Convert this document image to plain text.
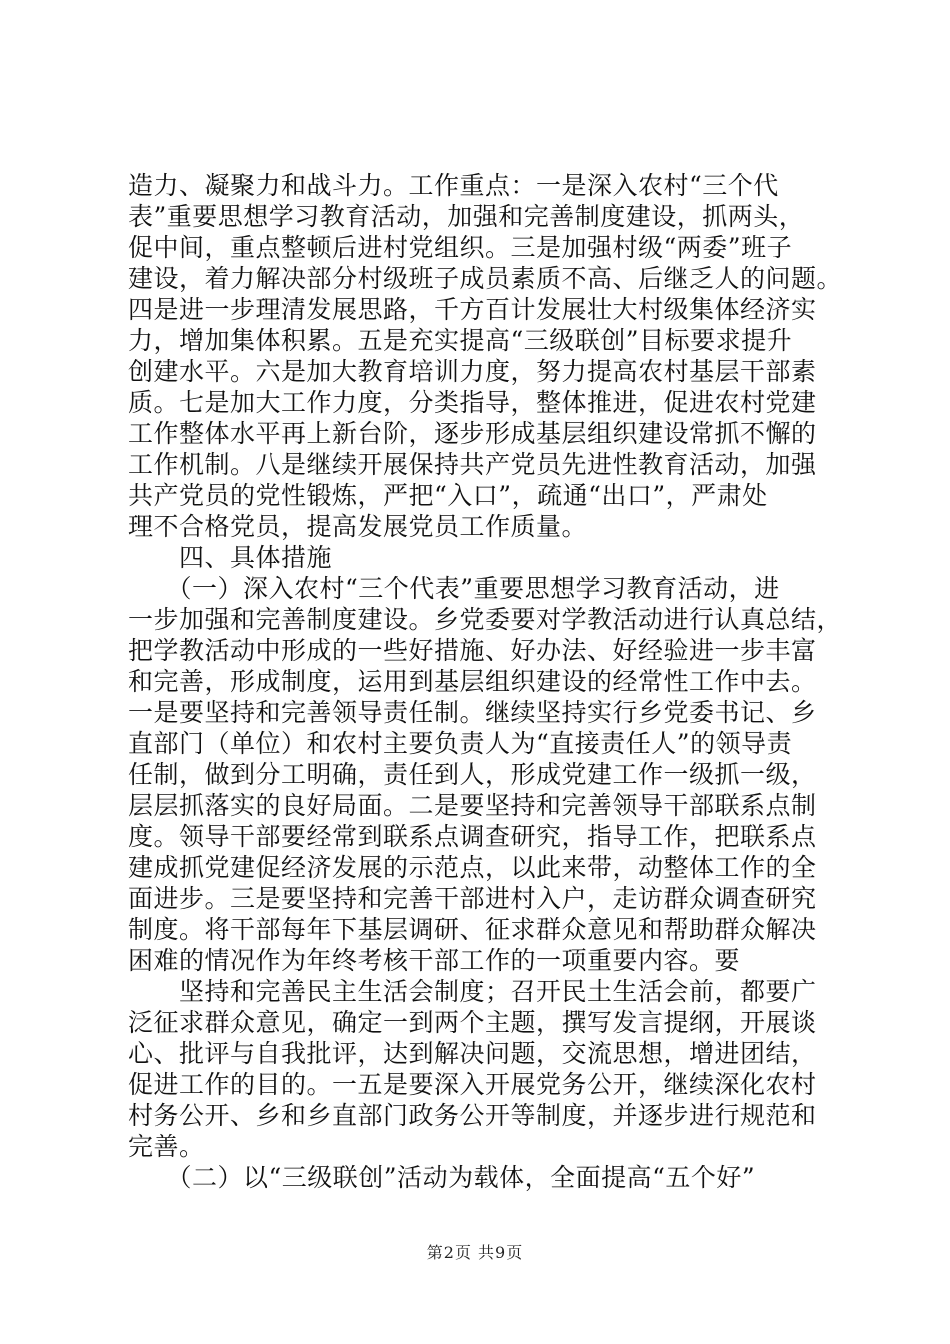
造力、凝聚力和战斗力。工作重点：一是深入农村“三个代
表”重要思想学习教育活动，加强和完善制度建设，抓两头，
促中间，重点整顿后进村党组织。三是加强村级“两委”班子
建设，着力解决部分村级班子成员素质不高、后继乏人的问题。
四是进一步理清发展思路，千方百计发展壮大村级集体经济实
力，增加集体积累。五是充实提高“三级联创”目标要求提升
创建水平。六是加大教育培训力度，努力提高农村基层干部素
质。七是加大工作力度，分类指导，整体推进，促进农村党建
工作整体水平再上新台阶，逐步形成基层组织建设常抓不懈的
工作机制。八是继续开展保持共产党员先进性教育活动，加强
共产党员的党性锻炼，严把“入口”，疏通“出口”，严肃处
理不合格党员，提高发展党员工作质量。
　　四、具体措施
　　（一）深入农村“三个代表”重要思想学习教育活动，进
一步加强和完善制度建设。乡党委要对学教活动进行认真总结，
把学教活动中形成的一些好措施、好办法、好经验进一步丰富
和完善，形成制度，运用到基层组织建设的经常性工作中去。
一是要坚持和完善领导责任制。继续坚持实行乡党委书记、乡
直部门（单位）和农村主要负责人为“直接责任人”的领导责
任制，做到分工明确，责任到人，形成党建工作一级抓一级，
层层抓落实的良好局面。二是要坚持和完善领导干部联系点制
度。领导干部要经常到联系点调查研究，指导工作，把联系点
建成抓党建促经济发展的示范点，以此来带，动整体工作的全
面进步。三是要坚持和完善干部进村入户，走访群众调查研究
制度。将干部每年下基层调研、征求群众意见和帮助群众解决
困难的情况作为年终考核干部工作的一项重要内容。要
　　坚持和完善民主生活会制度；召开民土生活会前，都要广
泛征求群众意见，确定一到两个主题，撰写发言提纲，开展谈
心、批评与自我批评，达到解决问题，交流思想，增进团结，
促进工作的目的。一五是要深入开展党务公开，继续深化农村
村务公开、乡和乡直部门政务公开等制度，并逐步进行规范和
完善。
　　（二）以“三级联创”活动为载体，全面提高“五个好”
第2页 共9页
